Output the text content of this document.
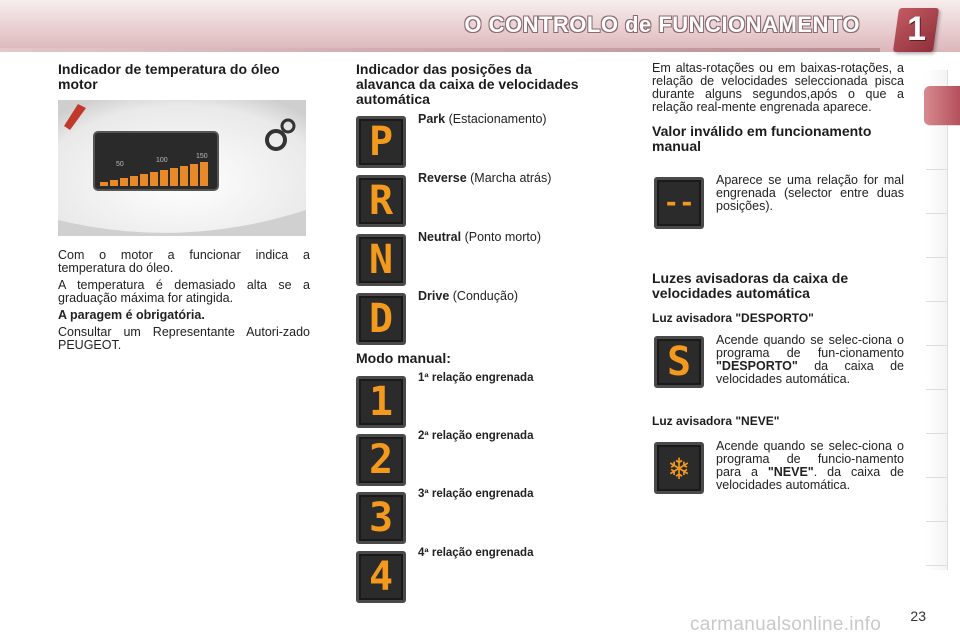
O CONTROLO de FUNCIONAMENTO 1
Indicador de temperatura do óleo motor
50
100
150

Com o motor a funcionar indica a temperatura do óleo.

A temperatura é demasiado alta se a graduação máxima for atingida.

A paragem é obrigatória.

Consultar um Representante Autori-zado PEUGEOT.

Indicador das posições da alavanca da caixa de velocidades automática
P	Park (Estacionamento)
R	Reverse (Marcha atrás)
N	Neutral (Ponto morto)
D	Drive (Condução)
Modo manual:
1
1ª relação engrenada
2
2ª relação engrenada
3
3ª relação engrenada
4
4ª relação engrenada

Em altas-rotações ou em baixas-rotações, a relação de velocidades seleccionada pisca durante alguns segundos,após o que a relação real-mente engrenada aparece.

Valor inválido em funcionamento manual
--

Aparece se uma relação for mal engrenada (selector entre duas posições).

Luzes avisadoras da caixa de velocidades automática
Luz avisadora "DESPORTO"
S	Acende quando se selec-ciona o programa de fun-cionamento "DESPORTO" da caixa de velocidades automática.

Luz avisadora "NEVE"
❄

Acende quando se selec-ciona o programa de funcio-namento para a "NEVE". da caixa de velocidades automática.

23
carmanualsonline.info
